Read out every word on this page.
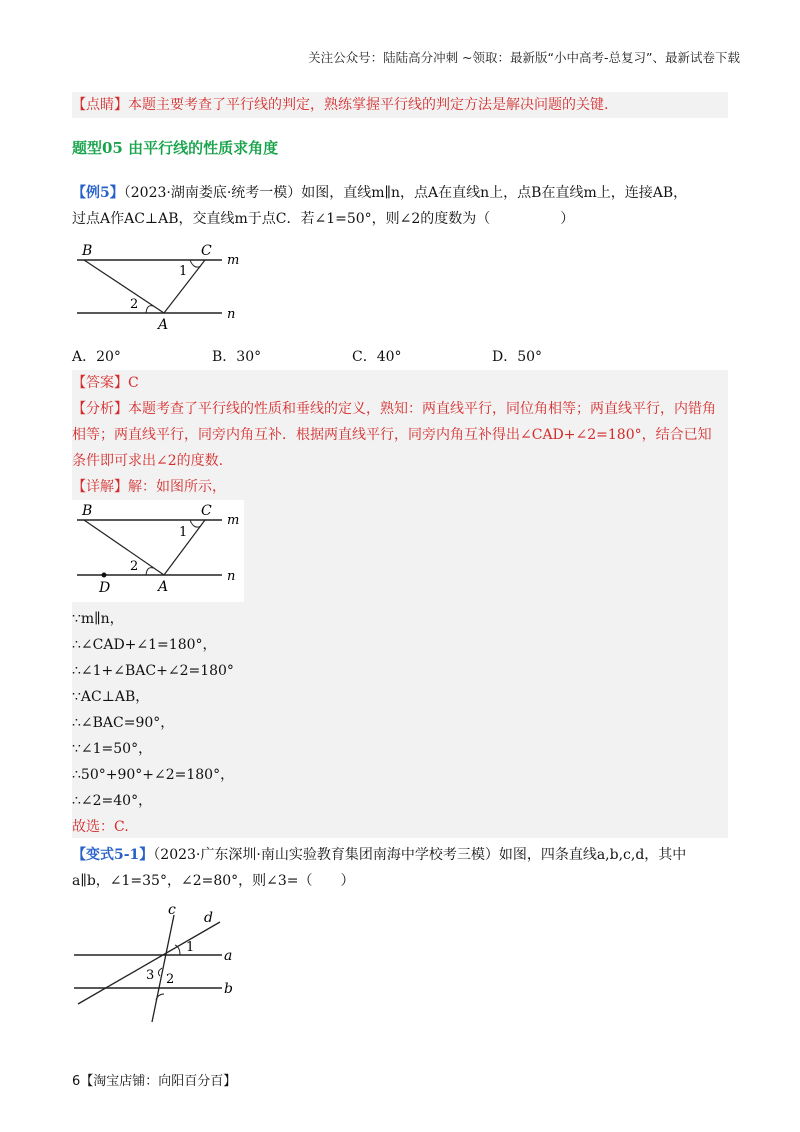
关注公众号：陆陆高分冲刺 ~领取：最新版“小中高考-总复习”、最新试卷下载
【点睛】本题主要考查了平行线的判定，熟练掌握平行线的判定方法是解决问题的关键.
题型05 由平行线的性质求角度
【例5】（2023·湖南娄底·统考一模）如图，直线m∥n，点A在直线n上，点B在直线m上，连接AB，
过点A作AC⊥AB，交直线m于点C．若∠1=50°，则∠2的度数为（　　　　　）
B	C
m
n
A
1
2
A．20°	B．30°	C．40°	D．50°
【答案】C
【分析】本题考查了平行线的性质和垂线的定义，熟知：两直线平行，同位角相等；两直线平行，内错角
相等；两直线平行，同旁内角互补．根据两直线平行，同旁内角互补得出∠CAD+∠2=180°，结合已知
条件即可求出∠2的度数.
【详解】解：如图所示，
B	C
m
n
A
D
1
2
∵m∥n，
∴∠CAD+∠1=180°，
∴∠1+∠BAC+∠2=180°
∵AC⊥AB，
∴∠BAC=90°，
∵∠1=50°，
∴50°+90°+∠2=180°，
∴∠2=40°，
故选：C.
【变式5-1】（2023·广东深圳·南山实验教育集团南海中学校考三模）如图，四条直线a,b,c,d，其中
a∥b，∠1=35°，∠2=80°，则∠3=（　　）
c d
a
b
1
2
3
6【淘宝店铺：向阳百分百】
